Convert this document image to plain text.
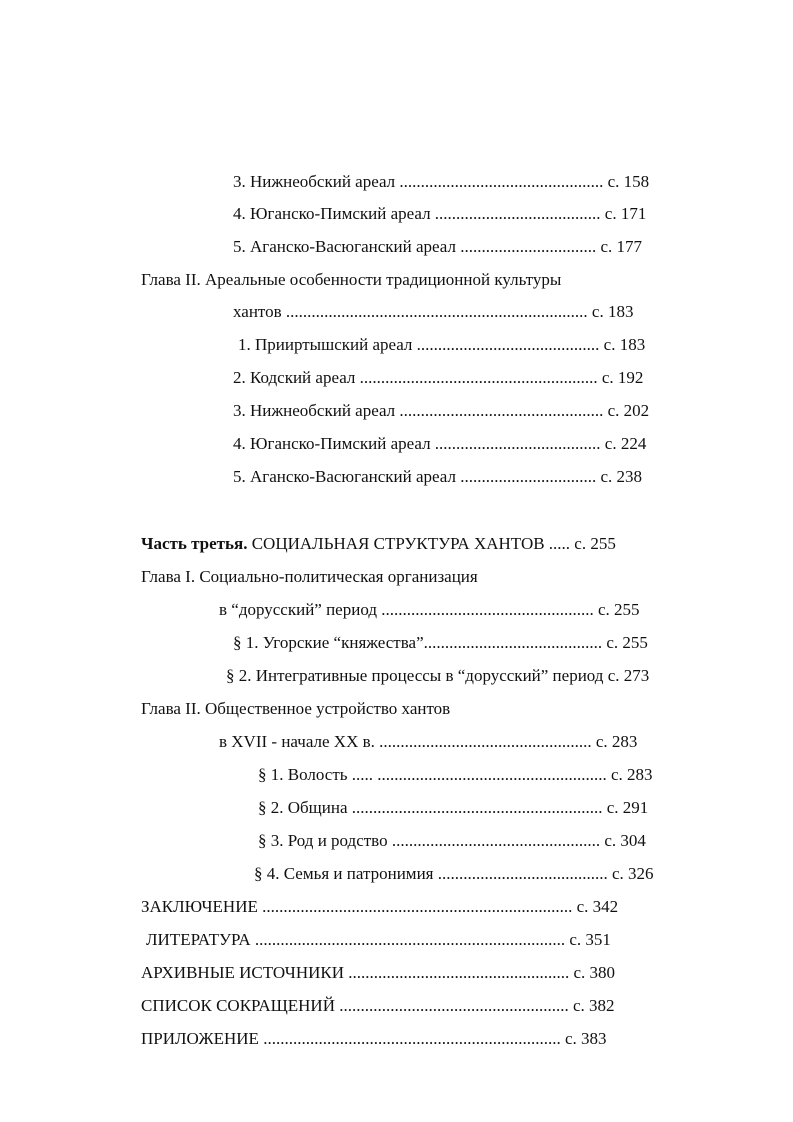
3. Нижнеобский ареал ................................................ с. 158
4. Юганско-Пимский ареал ....................................... с. 171
5. Аганско-Васюганский ареал ................................ с. 177
Глава II. Ареальные особенности традиционной культуры
хантов ....................................................................... с. 183
1. Прииртышский ареал ........................................... с. 183
2. Кодский ареал ........................................................ с. 192
3. Нижнеобский ареал ................................................ с. 202
4. Юганско-Пимский ареал ....................................... с. 224
5. Аганско-Васюганский ареал ................................ с. 238
Часть третья. СОЦИАЛЬНАЯ СТРУКТУРА ХАНТОВ ..... с. 255
Глава I. Социально-политическая организация
в “дорусский” период .................................................. с. 255
§ 1. Угорские “княжества”.......................................... с. 255
§ 2. Интегративные процессы в “дорусский” период с. 273
Глава II. Общественное устройство хантов
в XVII - начале XX в. .................................................. с. 283
§ 1. Волость ..... ...................................................... с. 283
§ 2. Община ........................................................... с. 291
§ 3. Род и родство ................................................. с. 304
§ 4. Семья и патронимия ........................................ с. 326
ЗАКЛЮЧЕНИЕ ......................................................................... с. 342
ЛИТЕРАТУРА ......................................................................... с. 351
АРХИВНЫЕ ИСТОЧНИКИ .................................................... с. 380
СПИСОК СОКРАЩЕНИЙ ...................................................... с. 382
ПРИЛОЖЕНИЕ ...................................................................... с. 383
